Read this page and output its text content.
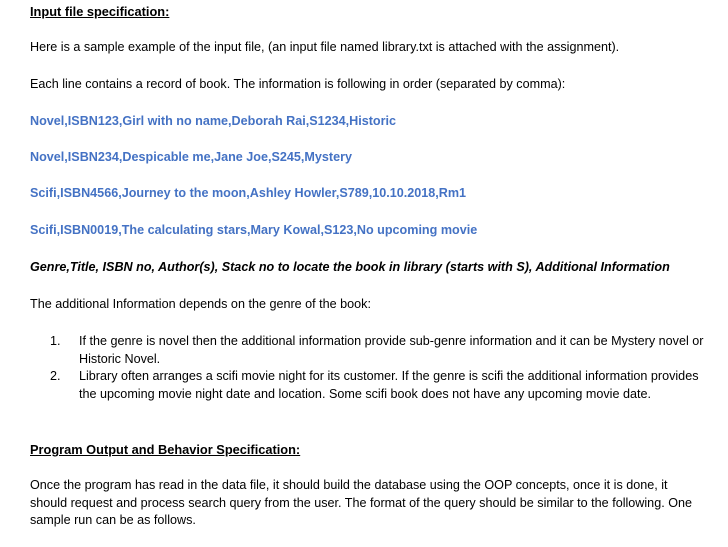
Input file specification:
Here is a sample example of the input file, (an input file named library.txt is attached with the assignment).
Each line contains a record of book. The information is following in order (separated by comma):
Novel,ISBN123,Girl with no name,Deborah Rai,S1234,Historic
Novel,ISBN234,Despicable me,Jane Joe,S245,Mystery
Scifi,ISBN4566,Journey to the moon,Ashley Howler,S789,10.10.2018,Rm1
Scifi,ISBN0019,The calculating stars,Mary Kowal,S123,No upcoming movie
Genre,Title, ISBN no, Author(s), Stack no to locate the book in library (starts with S), Additional Information
The additional Information depends on the genre of the book:
1.	If the genre is novel then the additional information provide sub-genre information and it can be Mystery novel or Historic Novel.
2.	Library often arranges a scifi movie night for its customer. If the genre is scifi the additional information provides the upcoming movie night date and location. Some scifi book does not have any upcoming movie date.
Program Output and Behavior Specification:
Once the program has read in the data file, it should build the database using the OOP concepts, once it is done, it should request and process search query from the user. The format of the query should be similar to the following. One sample run can be as follows.
